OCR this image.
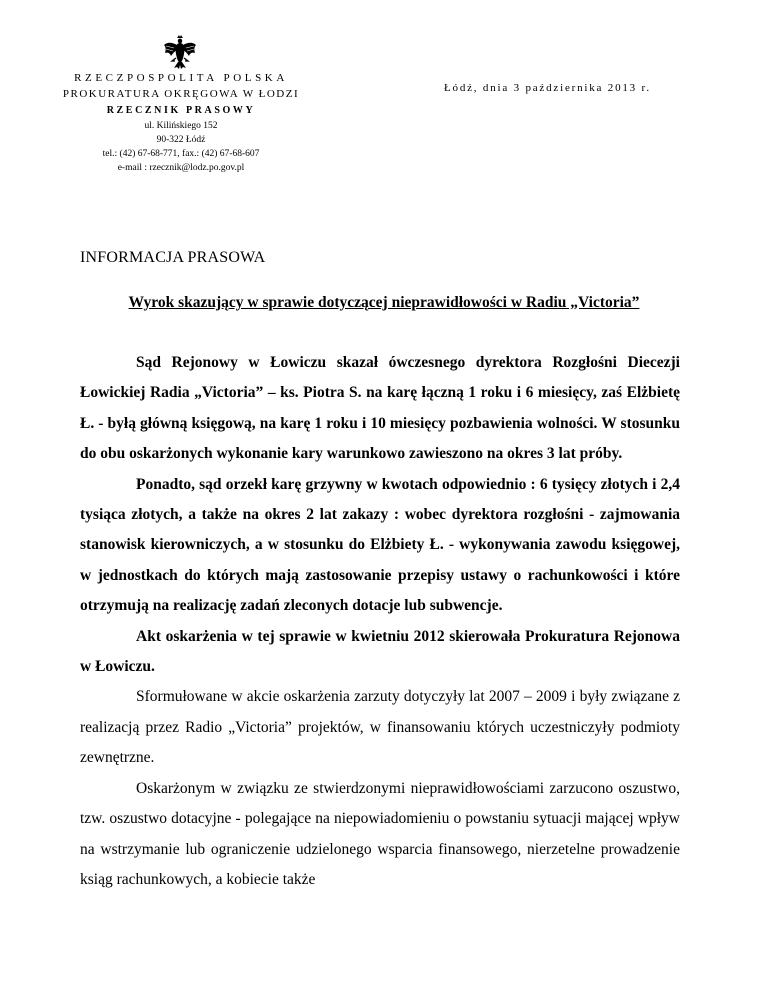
RZECZPOSPOLITA POLSKA
PROKURATURA OKRĘGOWA W ŁODZI
RZECZNIK PRASOWY
ul. Kilińskiego 152
90-322 Łódź
tel.: (42) 67-68-771, fax.: (42) 67-68-607
e-mail : rzecznik@lodz.po.gov.pl
Łódź, dnia 3 października 2013 r.
INFORMACJA PRASOWA
Wyrok skazujący w sprawie dotyczącej nieprawidłowości w Radiu „Victoria”

Sąd Rejonowy w Łowiczu skazał ówczesnego dyrektora Rozgłośni Diecezji Łowickiej Radia „Victoria” – ks. Piotra S. na karę łączną 1 roku i 6 miesięcy, zaś Elżbietę Ł. - byłą główną księgową, na karę 1 roku i 10 miesięcy pozbawienia wolności. W stosunku do obu oskarżonych wykonanie kary warunkowo zawieszono na okres 3 lat próby.

Ponadto, sąd orzekł karę grzywny w kwotach odpowiednio : 6 tysięcy złotych i 2,4 tysiąca złotych, a także na okres 2 lat zakazy : wobec dyrektora rozgłośni - zajmowania stanowisk kierowniczych, a w stosunku do Elżbiety Ł. - wykonywania zawodu księgowej, w jednostkach do których mają zastosowanie przepisy ustawy o rachunkowości i które otrzymują na realizację zadań zleconych dotacje lub subwencje.

Akt oskarżenia w tej sprawie w kwietniu 2012 skierowała Prokuratura Rejonowa w Łowiczu.

Sformułowane w akcie oskarżenia zarzuty dotyczyły lat 2007 – 2009 i były związane z realizacją przez Radio „Victoria” projektów, w finansowaniu których uczestniczyły podmioty zewnętrzne.

Oskarżonym w związku ze stwierdzonymi nieprawidłowościami zarzucono oszustwo, tzw. oszustwo dotacyjne - polegające na niepowiadomieniu o powstaniu sytuacji mającej wpływ na wstrzymanie lub ograniczenie udzielonego wsparcia finansowego, nierzetelne prowadzenie ksiąg rachunkowych, a kobiecie także
